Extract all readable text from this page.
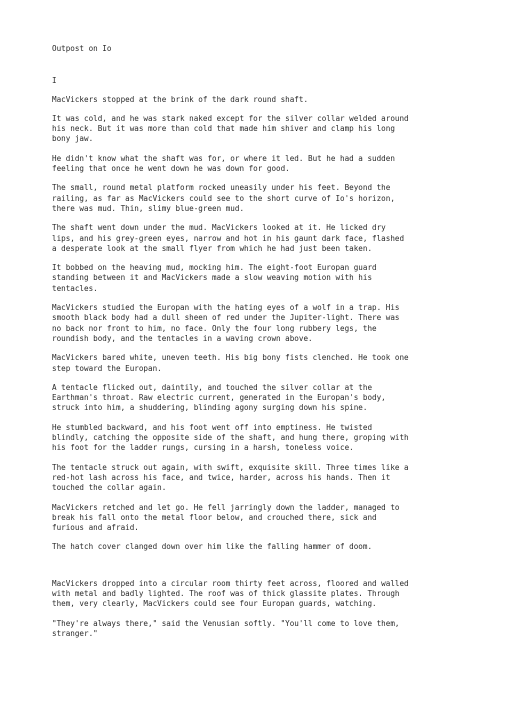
Outpost on Io
I
MacVickers stopped at the brink of the dark round shaft.
It was cold, and he was stark naked except for the silver collar welded around
his neck. But it was more than cold that made him shiver and clamp his long
bony jaw.
He didn't know what the shaft was for, or where it led. But he had a sudden
feeling that once he went down he was down for good.
The small, round metal platform rocked uneasily under his feet. Beyond the
railing, as far as MacVickers could see to the short curve of Io's horizon,
there was mud. Thin, slimy blue-green mud.
The shaft went down under the mud. MacVickers looked at it. He licked dry
lips, and his grey-green eyes, narrow and hot in his gaunt dark face, flashed
a desperate look at the small flyer from which he had just been taken.
It bobbed on the heaving mud, mocking him. The eight-foot Europan guard
standing between it and MacVickers made a slow weaving motion with his
tentacles.
MacVickers studied the Europan with the hating eyes of a wolf in a trap. His
smooth black body had a dull sheen of red under the Jupiter-light. There was
no back nor front to him, no face. Only the four long rubbery legs, the
roundish body, and the tentacles in a waving crown above.
MacVickers bared white, uneven teeth. His big bony fists clenched. He took one
step toward the Europan.
A tentacle flicked out, daintily, and touched the silver collar at the
Earthman's throat. Raw electric current, generated in the Europan's body,
struck into him, a shuddering, blinding agony surging down his spine.
He stumbled backward, and his foot went off into emptiness. He twisted
blindly, catching the opposite side of the shaft, and hung there, groping with
his foot for the ladder rungs, cursing in a harsh, toneless voice.
The tentacle struck out again, with swift, exquisite skill. Three times like a
red-hot lash across his face, and twice, harder, across his hands. Then it
touched the collar again.
MacVickers retched and let go. He fell jarringly down the ladder, managed to
break his fall onto the metal floor below, and crouched there, sick and
furious and afraid.
The hatch cover clanged down over him like the falling hammer of doom.
MacVickers dropped into a circular room thirty feet across, floored and walled
with metal and badly lighted. The roof was of thick glassite plates. Through
them, very clearly, MacVickers could see four Europan guards, watching.
"They're always there," said the Venusian softly. "You'll come to love them,
stranger."
